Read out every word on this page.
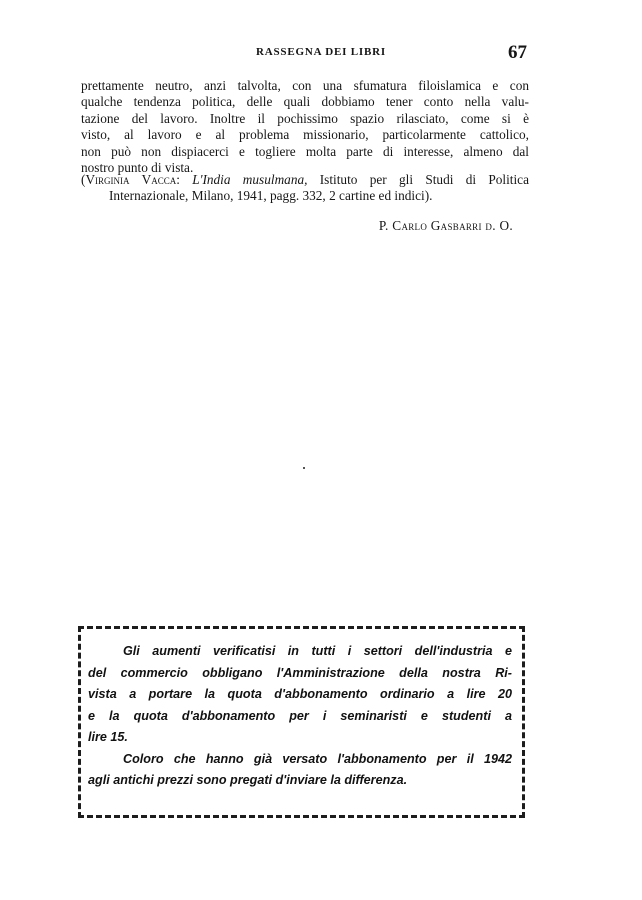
RASSEGNA DEI LIBRI	67
prettamente neutro, anzi talvolta, con una sfumatura filoislamica e con
qualche tendenza politica, delle quali dobbiamo tener conto nella valu-
tazione del lavoro. Inoltre il pochissimo spazio rilasciato, come si è
visto, al lavoro e al problema missionario, particolarmente cattolico,
non può non dispiacerci e togliere molta parte di interesse, almeno dal
nostro punto di vista.
(Virginia Vacca: L'India musulmana, Istituto per gli Studi di Politica
Internazionale, Milano, 1941, pagg. 332, 2 cartine ed indici).
P. Carlo Gasbarri d. O.
Gli aumenti verificatisi in tutti i settori dell'industria e
del commercio obbligano l'Amministrazione della nostra Ri-
vista a portare la quota d'abbonamento ordinario a lire 20
e la quota d'abbonamento per i seminaristi e studenti a
lire 15.
Coloro che hanno già versato l'abbonamento per il 1942
agli antichi prezzi sono pregati d'inviare la differenza.
